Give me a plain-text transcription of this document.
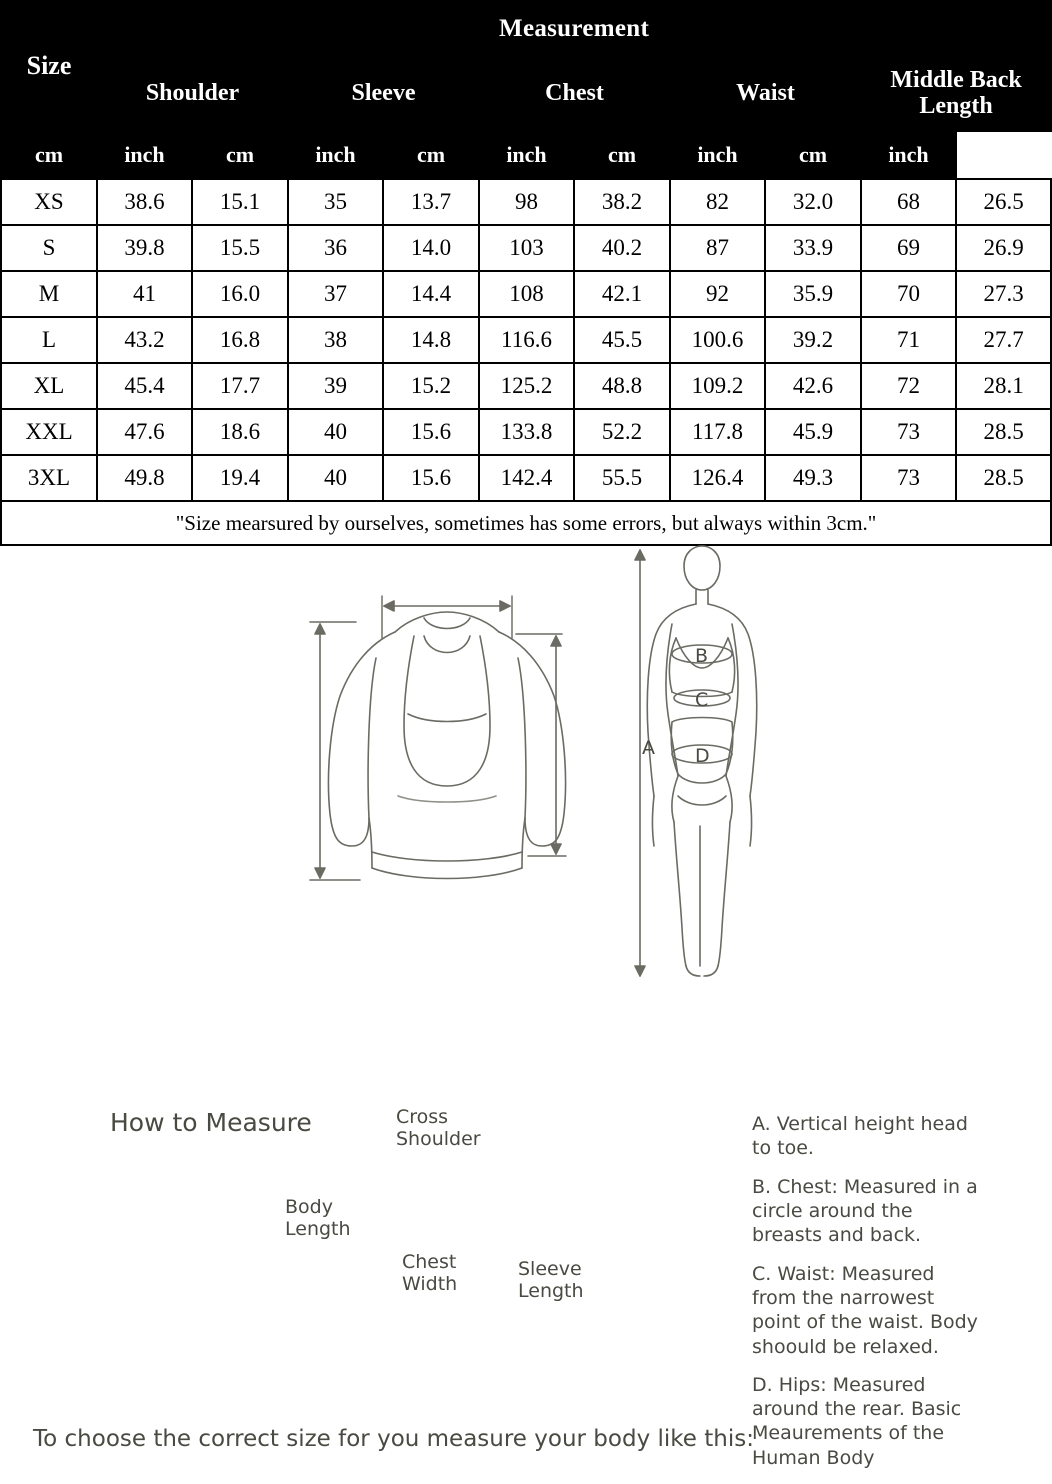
Size	Measurement									
	Shoulder		Sleeve		Chest		Waist		Middle Back Length	
cm	inch	cm	inch	cm	inch	cm	inch	cm	inch	
XS	38.6	15.1	35	13.7	98	38.2	82	32.0	68	26.5
S	39.8	15.5	36	14.0	103	40.2	87	33.9	69	26.9
M	41	16.0	37	14.4	108	42.1	92	35.9	70	27.3
L	43.2	16.8	38	14.8	116.6	45.5	100.6	39.2	71	27.7
XL	45.4	17.7	39	15.2	125.2	48.8	109.2	42.6	72	28.1
XXL	47.6	18.6	40	15.6	133.8	52.2	117.8	45.9	73	28.5
3XL	49.8	19.4	40	15.6	142.4	55.5	126.4	49.3	73	28.5
"Size mearsured by ourselves, sometimes has some errors, but always within 3cm."										
How to Measure
To choose the correct size for you measure your body like this:
Cross
Shoulder
Body
Length
Chest
Width
Sleeve
Length
B
C
D
A

A. Vertical height head to toe.

B. Chest: Measured in a circle around the breasts and back.

C. Waist: Measured from the narrowest point of the waist. Body shoould be relaxed.

D. Hips: Measured around the rear. Basic Meaurements of the Human Body
